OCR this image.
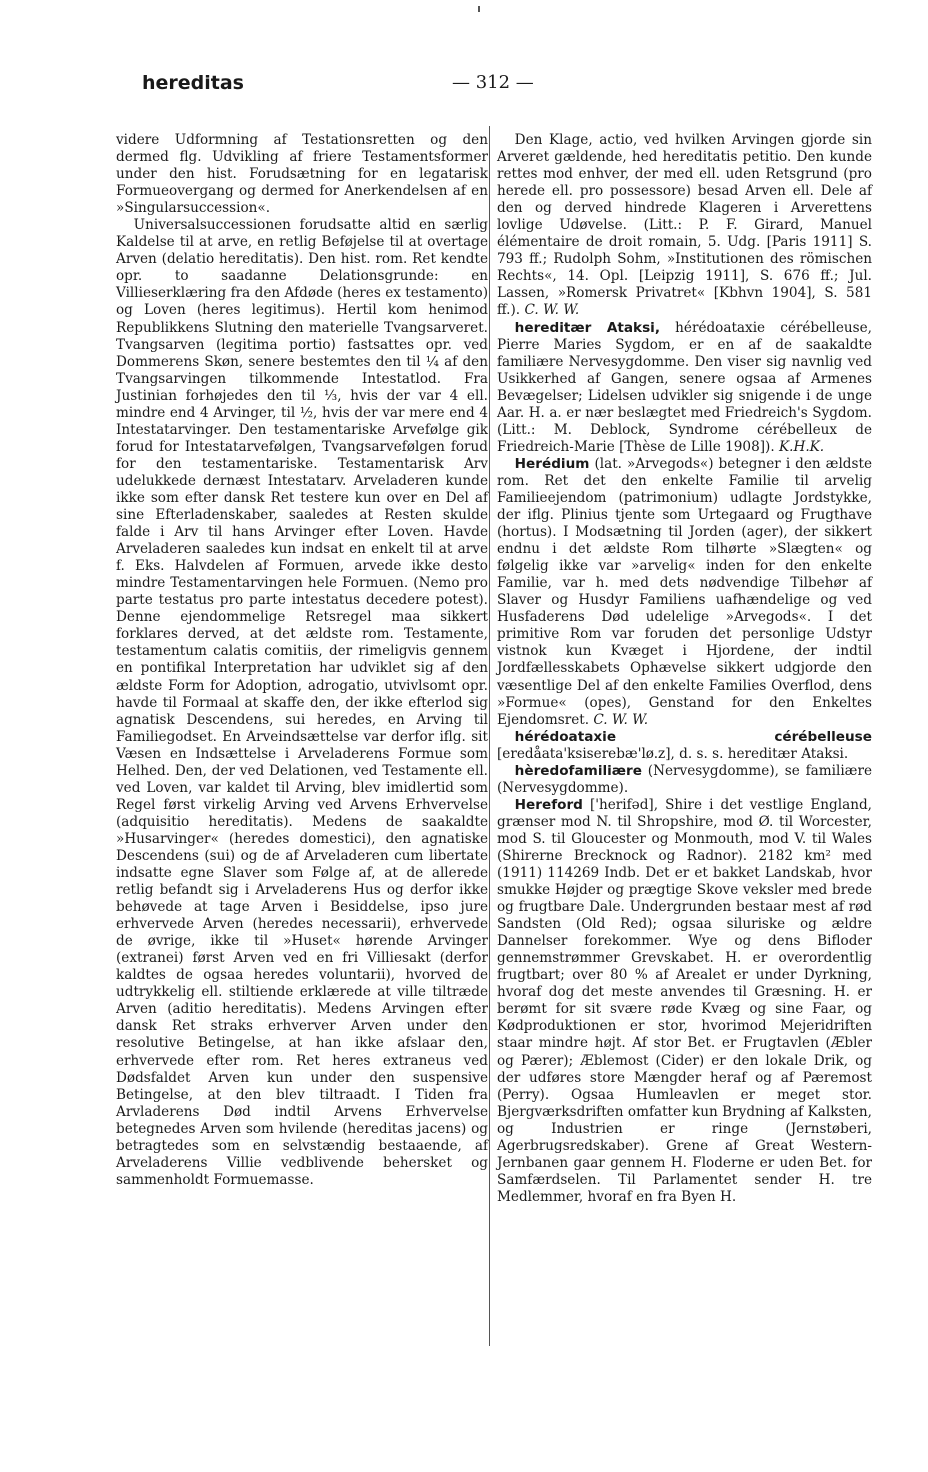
hereditas	— 312 —

videre Udformning af Testationsretten og den dermed flg. Udvikling af friere Testamentsformer under den hist. Forudsætning for en legatarisk Formueovergang og dermed for Anerkendelsen af en »Singularsuccession«.

Universalsuccessionen forudsatte altid en særlig Kaldelse til at arve, en retlig Beføjelse til at overtage Arven (delatio hereditatis). Den hist. rom. Ret kendte opr. to saadanne Delationsgrunde: en Villieserklæring fra den Afdøde (heres ex testamento) og Loven (heres legitimus). Hertil kom henimod Republikkens Slutning den materielle Tvangsarveret. Tvangsarven (legitima portio) fastsattes opr. ved Dommerens Skøn, senere bestemtes den til ¼ af den Tvangsarvingen tilkommende Intestatlod. Fra Justinian forhøjedes den til ⅓, hvis der var 4 ell. mindre end 4 Arvinger, til ½, hvis der var mere end 4 Intestatarvinger. Den testamentariske Arvefølge gik forud for Intestatarvefølgen, Tvangsarvefølgen forud for den testamentariske. Testamentarisk Arv udelukkede dernæst Intestatarv. Arveladeren kunde ikke som efter dansk Ret testere kun over en Del af sine Efterladenskaber, saaledes at Resten skulde falde i Arv til hans Arvinger efter Loven. Havde Arveladeren saaledes kun indsat en enkelt til at arve f. Eks. Halvdelen af Formuen, arvede ikke desto mindre Testamentarvingen hele Formuen. (Nemo pro parte testatus pro parte intestatus decedere potest). Denne ejendommelige Retsregel maa sikkert forklares derved, at det ældste rom. Testamente, testamentum calatis comitiis, der rimeligvis gennem en pontifikal Interpretation har udviklet sig af den ældste Form for Adoption, adrogatio, utvivlsomt opr. havde til Formaal at skaffe den, der ikke efterlod sig agnatisk Descendens, sui heredes, en Arving til Familiegodset. En Arveindsættelse var derfor iflg. sit Væsen en Indsættelse i Arveladerens Formue som Helhed. Den, der ved Delationen, ved Testamente ell. ved Loven, var kaldet til Arving, blev imidlertid som Regel først virkelig Arving ved Arvens Erhvervelse (adquisitio hereditatis). Medens de saakaldte »Husarvinger« (heredes domestici), den agnatiske Descendens (sui) og de af Arveladeren cum libertate indsatte egne Slaver som Følge af, at de allerede retlig befandt sig i Arveladerens Hus og derfor ikke behøvede at tage Arven i Besiddelse, ipso jure erhvervede Arven (heredes necessarii), erhvervede de øvrige, ikke til »Huset« hørende Arvinger (extranei) først Arven ved en fri Villiesakt (derfor kaldtes de ogsaa heredes voluntarii), hvorved de udtrykkelig ell. stiltiende erklærede at ville tiltræde Arven (aditio hereditatis). Medens Arvingen efter dansk Ret straks erhverver Arven under den resolutive Betingelse, at han ikke afslaar den, erhvervede efter rom. Ret heres extraneus ved Dødsfaldet Arven kun under den suspensive Betingelse, at den blev tiltraadt. I Tiden fra Arvladerens Død indtil Arvens Erhvervelse betegnedes Arven som hvilende (hereditas jacens) og betragtedes som en selvstændig bestaaende, af Arveladerens Villie vedblivende behersket og sammenholdt Formuemasse.

Den Klage, actio, ved hvilken Arvingen gjorde sin Arveret gældende, hed hereditatis petitio. Den kunde rettes mod enhver, der med ell. uden Retsgrund (pro herede ell. pro possessore) besad Arven ell. Dele af den og derved hindrede Klageren i Arverettens lovlige Udøvelse. (Litt.: P. F. Girard, Manuel élémentaire de droit romain, 5. Udg. [Paris 1911] S. 793 ff.; Rudolph Sohm, »Institutionen des römischen Rechts«, 14. Opl. [Leipzig 1911], S. 676 ff.; Jul. Lassen, »Romersk Privatret« [Kbhvn 1904], S. 581 ff.). C. W. W.

hereditær Ataksi, hérédoataxie cérébelleuse, Pierre Maries Sygdom, er en af de saakaldte familiære Nervesygdomme. Den viser sig navnlig ved Usikkerhed af Gangen, senere ogsaa af Armenes Bevægelser; Lidelsen udvikler sig snigende i de unge Aar. H. a. er nær beslægtet med Friedreich's Sygdom. (Litt.: M. Deblock, Syndrome cérébelleux de Friedreich-Marie [Thèse de Lille 1908]). K.H.K.

Herédium (lat. »Arvegods«) betegner i den ældste rom. Ret det den enkelte Familie til arvelig Familieejendom (patrimonium) udlagte Jordstykke, der iflg. Plinius tjente som Urtegaard og Frugthave (hortus). I Modsætning til Jorden (ager), der sikkert endnu i det ældste Rom tilhørte »Slægten« og følgelig ikke var »arvelig« inden for den enkelte Familie, var h. med dets nødvendige Tilbehør af Slaver og Husdyr Familiens uafhændelige og ved Husfaderens Død udelelige »Arvegods«. I det primitive Rom var foruden det personlige Udstyr vistnok kun Kvæget i Hjordene, der indtil Jordfællesskabets Ophævelse sikkert udgjorde den væsentlige Del af den enkelte Families Overflod, dens »Formue« (opes), Genstand for den Enkeltes Ejendomsret. C. W. W.

hérédoataxie cérébelleuse [eredåata'ksiserebæ'lø.z], d. s. s. hereditær Ataksi.

hèredofamiliære (Nervesygdomme), se familiære (Nervesygdomme).

Hereford ['herifəd], Shire i det vestlige England, grænser mod N. til Shropshire, mod Ø. til Worcester, mod S. til Gloucester og Monmouth, mod V. til Wales (Shirerne Brecknock og Radnor). 2182 km² med (1911) 114269 Indb. Det er et bakket Landskab, hvor smukke Højder og prægtige Skove veksler med brede og frugtbare Dale. Undergrunden bestaar mest af rød Sandsten (Old Red); ogsaa siluriske og ældre Dannelser forekommer. Wye og dens Bifloder gennemstrømmer Grevskabet. H. er overordentlig frugtbart; over 80 % af Arealet er under Dyrkning, hvoraf dog det meste anvendes til Græsning. H. er berømt for sit svære røde Kvæg og sine Faar, og Kødproduktionen er stor, hvorimod Mejeridriften staar mindre højt. Af stor Bet. er Frugtavlen (Æbler og Pærer); Æblemost (Cider) er den lokale Drik, og der udføres store Mængder heraf og af Pæremost (Perry). Ogsaa Humleavlen er meget stor. Bjergværksdriften omfatter kun Brydning af Kalksten, og Industrien er ringe (Jernstøberi, Agerbrugsredskaber). Grene af Great Western-Jernbanen gaar gennem H. Floderne er uden Bet. for Samfærdselen. Til Parlamentet sender H. tre Medlemmer, hvoraf en fra Byen H.
